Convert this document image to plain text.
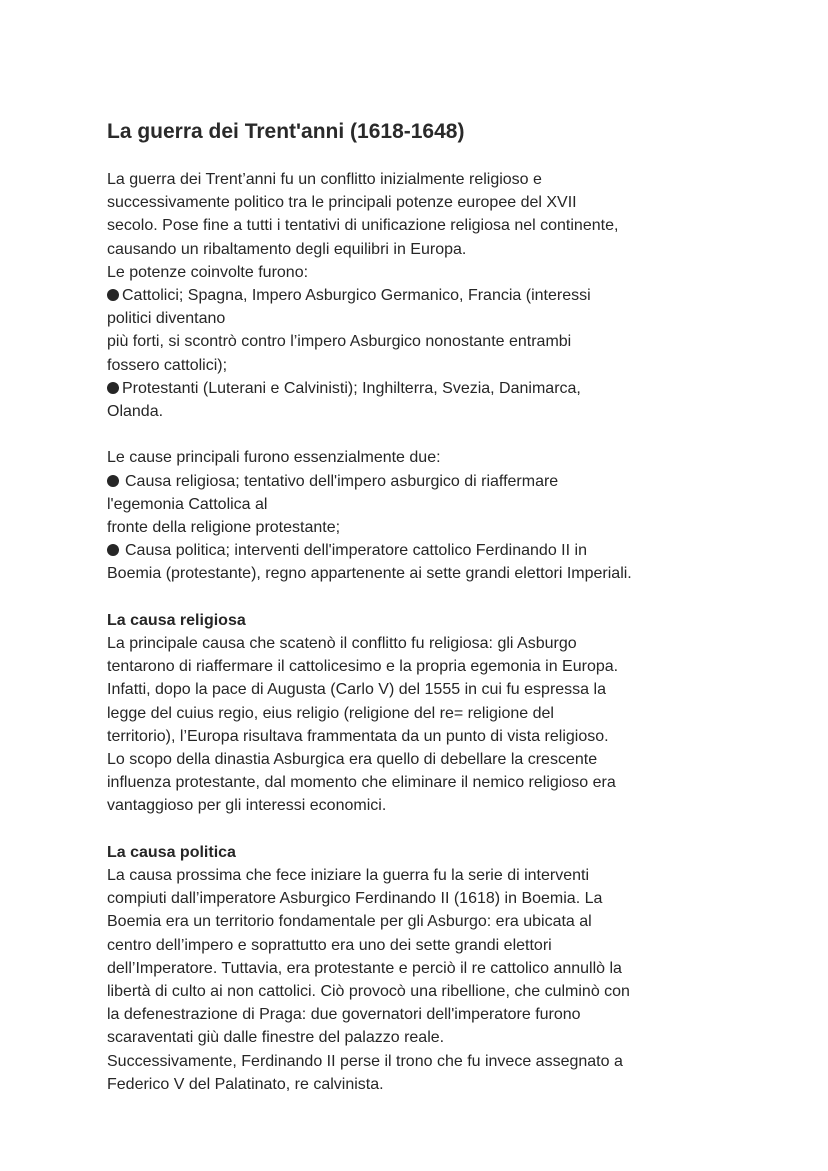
La guerra dei Trent'anni (1618-1648)
La guerra dei Trent’anni fu un conflitto inizialmente religioso e
successivamente politico tra le principali potenze europee del XVII
secolo. Pose fine a tutti i tentativi di unificazione religiosa nel continente,
causando un ribaltamento degli equilibri in Europa.
Le potenze coinvolte furono:
Cattolici; Spagna, Impero Asburgico Germanico, Francia (interessi
politici diventano
più forti, si scontrò contro l’impero Asburgico nonostante entrambi
fossero cattolici);
Protestanti (Luterani e Calvinisti); Inghilterra, Svezia, Danimarca,
Olanda.
Le cause principali furono essenzialmente due:
Causa religiosa; tentativo dell'impero asburgico di riaffermare
l'egemonia Cattolica al
fronte della religione protestante;
Causa politica; interventi dell'imperatore cattolico Ferdinando II in
Boemia (protestante), regno appartenente ai sette grandi elettori Imperiali.
La causa religiosa
La principale causa che scatenò il conflitto fu religiosa: gli Asburgo
tentarono di riaffermare il cattolicesimo e la propria egemonia in Europa.
Infatti, dopo la pace di Augusta (Carlo V) del 1555 in cui fu espressa la
legge del cuius regio, eius religio (religione del re= religione del
territorio), l’Europa risultava frammentata da un punto di vista religioso.
Lo scopo della dinastia Asburgica era quello di debellare la crescente
influenza protestante, dal momento che eliminare il nemico religioso era
vantaggioso per gli interessi economici.
La causa politica
La causa prossima che fece iniziare la guerra fu la serie di interventi
compiuti dall’imperatore Asburgico Ferdinando II (1618) in Boemia. La
Boemia era un territorio fondamentale per gli Asburgo: era ubicata al
centro dell’impero e soprattutto era uno dei sette grandi elettori
dell’Imperatore. Tuttavia, era protestante e perciò il re cattolico annullò la
libertà di culto ai non cattolici. Ciò provocò una ribellione, che culminò con
la defenestrazione di Praga: due governatori dell'imperatore furono
scaraventati giù dalle finestre del palazzo reale.
Successivamente, Ferdinando II perse il trono che fu invece assegnato a
Federico V del Palatinato, re calvinista.
